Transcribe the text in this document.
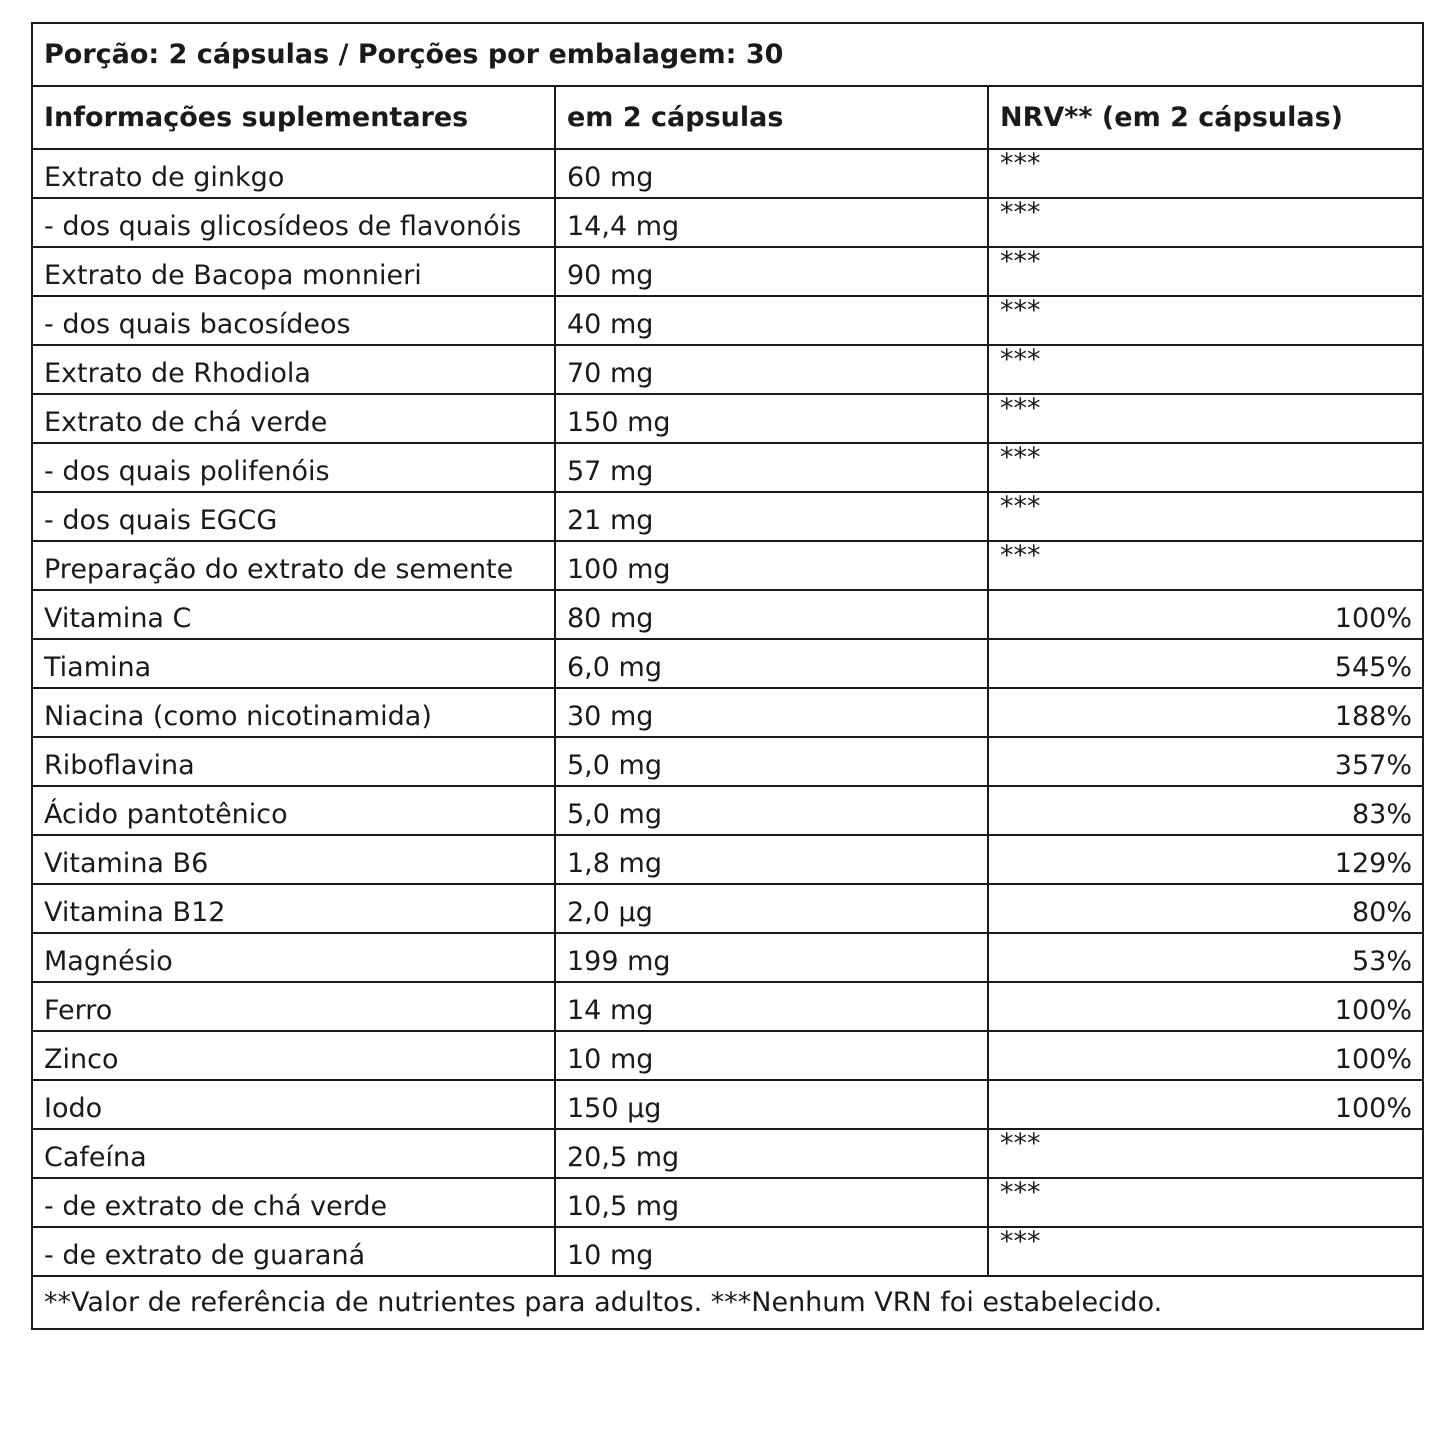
Porção: 2 cápsulas / Porções por embalagem: 30		
Informações suplementares	em 2 cápsulas	NRV** (em 2 cápsulas)
Extrato de ginkgo	60 mg	***
- dos quais glicosídeos de flavonóis	14,4 mg	***
Extrato de Bacopa monnieri	90 mg	***
- dos quais bacosídeos	40 mg	***
Extrato de Rhodiola	70 mg	***
Extrato de chá verde	150 mg	***
- dos quais polifenóis	57 mg	***
- dos quais EGCG	21 mg	***
Preparação do extrato de semente	100 mg	***
Vitamina C	80 mg	100%
Tiamina	6,0 mg	545%
Niacina (como nicotinamida)	30 mg	188%
Riboflavina	5,0 mg	357%
Ácido pantotênico	5,0 mg	83%
Vitamina B6	1,8 mg	129%
Vitamina B12	2,0 µg	80%
Magnésio	199 mg	53%
Ferro	14 mg	100%
Zinco	10 mg	100%
Iodo	150 µg	100%
Cafeína	20,5 mg	***
- de extrato de chá verde	10,5 mg	***
- de extrato de guaraná	10 mg	***
**Valor de referência de nutrientes para adultos. ***Nenhum VRN foi estabelecido.		
